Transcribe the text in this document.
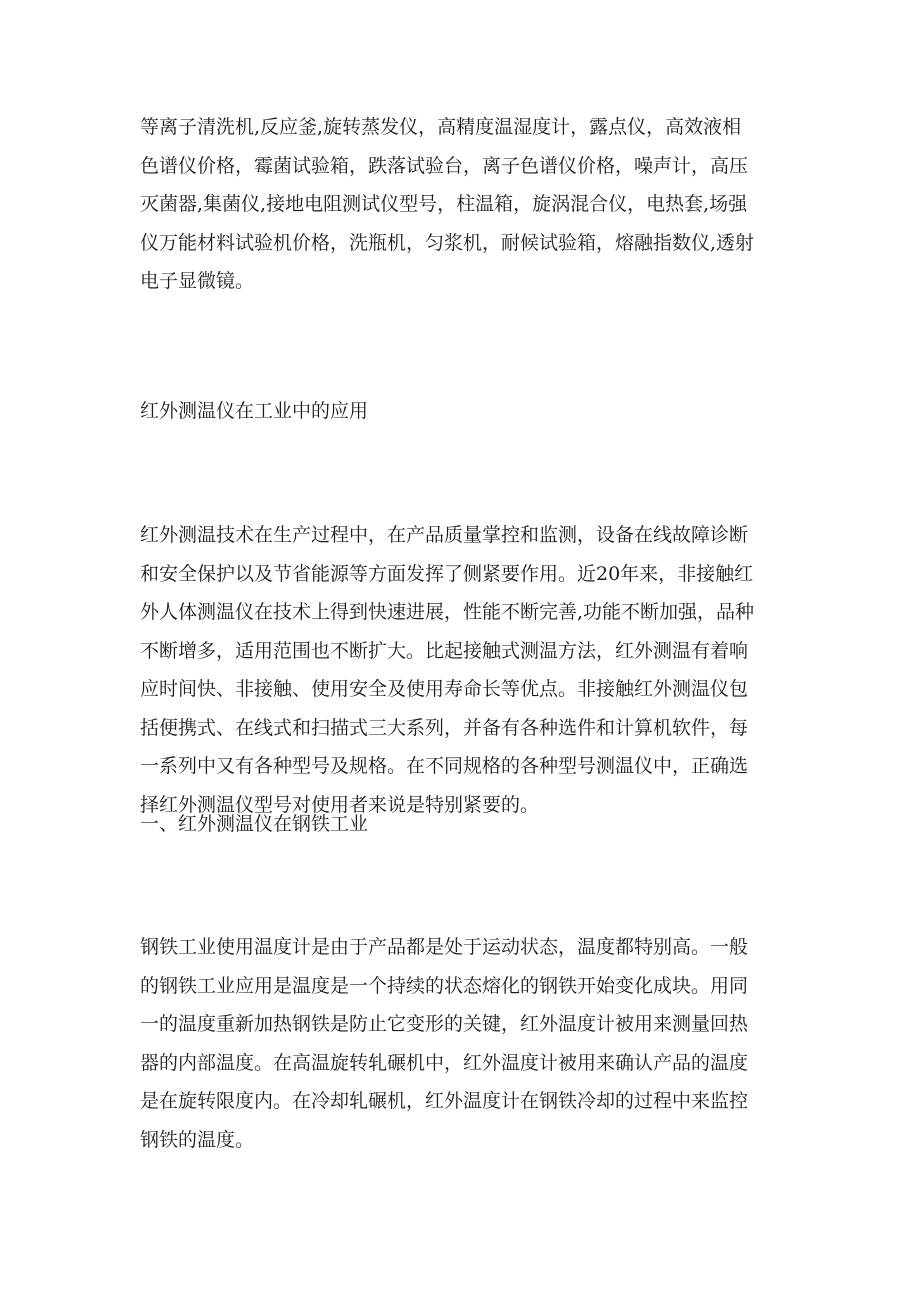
等离子清洗机,反应釜,旋转蒸发仪，高精度温湿度计，露点仪，高效液相
色谱仪价格，霉菌试验箱，跌落试验台，离子色谱仪价格，噪声计，高压
灭菌器,集菌仪,接地电阻测试仪型号，柱温箱，旋涡混合仪，电热套,场强
仪万能材料试验机价格，洗瓶机，匀浆机，耐候试验箱，熔融指数仪,透射
电子显微镜。

红外测温仪在工业中的应用

红外测温技术在生产过程中，在产品质量掌控和监测，设备在线故障诊断
和安全保护以及节省能源等方面发挥了侧紧要作用。近20年来，非接触红
外人体测温仪在技术上得到快速进展，性能不断完善,功能不断加强，品种
不断增多，适用范围也不断扩大。比起接触式测温方法，红外测温有着响
应时间快、非接触、使用安全及使用寿命长等优点。非接触红外测温仪包
括便携式、在线式和扫描式三大系列，并备有各种选件和计算机软件，每
一系列中又有各种型号及规格。在不同规格的各种型号测温仪中，正确选
择红外测温仪型号对使用者来说是特别紧要的。

一、红外测温仪在钢铁工业

钢铁工业使用温度计是由于产品都是处于运动状态，温度都特别高。一般
的钢铁工业应用是温度是一个持续的状态熔化的钢铁开始变化成块。用同
一的温度重新加热钢铁是防止它变形的关键，红外温度计被用来测量回热
器的内部温度。在高温旋转轧碾机中，红外温度计被用来确认产品的温度
是在旋转限度内。在冷却轧碾机，红外温度计在钢铁冷却的过程中来监控
钢铁的温度。
